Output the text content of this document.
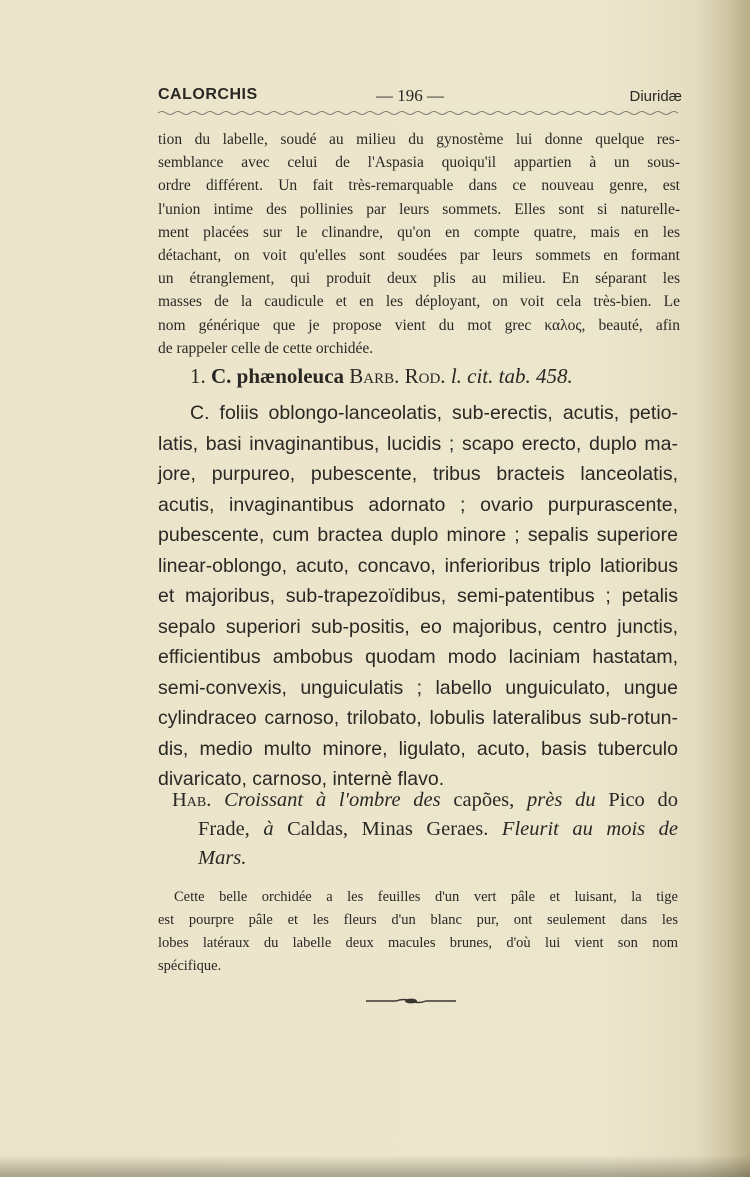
CALORCHIS	— 196 —	Diuridæ
tion du labelle, soudé au milieu du gynostème lui donne quelque res-
semblance avec celui de l'Aspasia quoiqu'il appartien à un sous-
ordre différent. Un fait très-remarquable dans ce nouveau genre, est
l'union intime des pollinies par leurs sommets. Elles sont si naturelle-
ment placées sur le clinandre, qu'on en compte quatre, mais en les
détachant, on voit qu'elles sont soudées par leurs sommets en formant
un étranglement, qui produit deux plis au milieu. En séparant les
masses de la caudicule et en les déployant, on voit cela très-bien. Le
nom générique que je propose vient du mot grec καλος, beauté, afin
de rappeler celle de cette orchidée.
1. C. phænoleuca Barb. Rod. l. cit. tab. 458.
C. foliis oblongo-lanceolatis, sub-erectis, acutis, petio-
latis, basi invaginantibus, lucidis ; scapo erecto, duplo ma-
jore, purpureo, pubescente, tribus bracteis lanceolatis,
acutis, invaginantibus adornato ; ovario purpurascente,
pubescente, cum bractea duplo minore ; sepalis superiore
linear-oblongo, acuto, concavo, inferioribus triplo latioribus
et majoribus, sub-trapezoïdibus, semi-patentibus ; petalis
sepalo superiori sub-positis, eo majoribus, centro junctis,
efficientibus ambobus quodam modo laciniam hastatam,
semi-convexis, unguiculatis ; labello unguiculato, ungue
cylindraceo carnoso, trilobato, lobulis lateralibus sub-rotun-
dis, medio multo minore, ligulato, acuto, basis tuberculo
divaricato, carnoso, internè flavo.
Hab. Croissant à l'ombre des capões, près du Pico do
Frade, à Caldas, Minas Geraes. Fleurit au mois de
Mars.
Cette belle orchidée a les feuilles d'un vert pâle et luisant, la tige
est pourpre pâle et les fleurs d'un blanc pur, ont seulement dans les
lobes latéraux du labelle deux macules brunes, d'où lui vient son nom
spécifique.
